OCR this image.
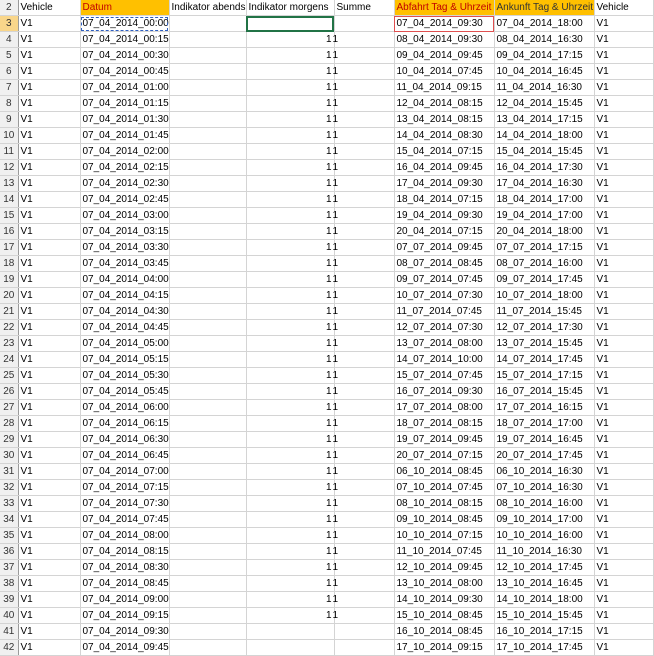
2	Vehicle	Datum	Indikator abends	Indikator morgens	Summe	Abfahrt Tag & Uhrzeit	Ankunft Tag & Uhrzeit	Vehicle
3	V1	07_04_2014_00:00				07_04_2014_09:30	07_04_2014_18:00	V1
4	V1	07_04_2014_00:15		1	1	08_04_2014_09:30	08_04_2014_16:30	V1
5	V1	07_04_2014_00:30		1	1	09_04_2014_09:45	09_04_2014_17:15	V1
6	V1	07_04_2014_00:45		1	1	10_04_2014_07:45	10_04_2014_16:45	V1
7	V1	07_04_2014_01:00		1	1	11_04_2014_09:15	11_04_2014_16:30	V1
8	V1	07_04_2014_01:15		1	1	12_04_2014_08:15	12_04_2014_15:45	V1
9	V1	07_04_2014_01:30		1	1	13_04_2014_08:15	13_04_2014_17:15	V1
10	V1	07_04_2014_01:45		1	1	14_04_2014_08:30	14_04_2014_18:00	V1
11	V1	07_04_2014_02:00		1	1	15_04_2014_07:15	15_04_2014_15:45	V1
12	V1	07_04_2014_02:15		1	1	16_04_2014_09:45	16_04_2014_17:30	V1
13	V1	07_04_2014_02:30		1	1	17_04_2014_09:30	17_04_2014_16:30	V1
14	V1	07_04_2014_02:45		1	1	18_04_2014_07:15	18_04_2014_17:00	V1
15	V1	07_04_2014_03:00		1	1	19_04_2014_09:30	19_04_2014_17:00	V1
16	V1	07_04_2014_03:15		1	1	20_04_2014_07:15	20_04_2014_18:00	V1
17	V1	07_04_2014_03:30		1	1	07_07_2014_09:45	07_07_2014_17:15	V1
18	V1	07_04_2014_03:45		1	1	08_07_2014_08:45	08_07_2014_16:00	V1
19	V1	07_04_2014_04:00		1	1	09_07_2014_07:45	09_07_2014_17:45	V1
20	V1	07_04_2014_04:15		1	1	10_07_2014_07:30	10_07_2014_18:00	V1
21	V1	07_04_2014_04:30		1	1	11_07_2014_07:45	11_07_2014_15:45	V1
22	V1	07_04_2014_04:45		1	1	12_07_2014_07:30	12_07_2014_17:30	V1
23	V1	07_04_2014_05:00		1	1	13_07_2014_08:00	13_07_2014_15:45	V1
24	V1	07_04_2014_05:15		1	1	14_07_2014_10:00	14_07_2014_17:45	V1
25	V1	07_04_2014_05:30		1	1	15_07_2014_07:45	15_07_2014_17:15	V1
26	V1	07_04_2014_05:45		1	1	16_07_2014_09:30	16_07_2014_15:45	V1
27	V1	07_04_2014_06:00		1	1	17_07_2014_08:00	17_07_2014_16:15	V1
28	V1	07_04_2014_06:15		1	1	18_07_2014_08:15	18_07_2014_17:00	V1
29	V1	07_04_2014_06:30		1	1	19_07_2014_09:45	19_07_2014_16:45	V1
30	V1	07_04_2014_06:45		1	1	20_07_2014_07:15	20_07_2014_17:45	V1
31	V1	07_04_2014_07:00		1	1	06_10_2014_08:45	06_10_2014_16:30	V1
32	V1	07_04_2014_07:15		1	1	07_10_2014_07:45	07_10_2014_16:30	V1
33	V1	07_04_2014_07:30		1	1	08_10_2014_08:15	08_10_2014_16:00	V1
34	V1	07_04_2014_07:45		1	1	09_10_2014_08:45	09_10_2014_17:00	V1
35	V1	07_04_2014_08:00		1	1	10_10_2014_07:15	10_10_2014_16:00	V1
36	V1	07_04_2014_08:15		1	1	11_10_2014_07:45	11_10_2014_16:30	V1
37	V1	07_04_2014_08:30		1	1	12_10_2014_09:45	12_10_2014_17:45	V1
38	V1	07_04_2014_08:45		1	1	13_10_2014_08:00	13_10_2014_16:45	V1
39	V1	07_04_2014_09:00		1	1	14_10_2014_09:30	14_10_2014_18:00	V1
40	V1	07_04_2014_09:15		1	1	15_10_2014_08:45	15_10_2014_15:45	V1
41	V1	07_04_2014_09:30				16_10_2014_08:45	16_10_2014_17:15	V1
42	V1	07_04_2014_09:45				17_10_2014_09:15	17_10_2014_17:45	V1
